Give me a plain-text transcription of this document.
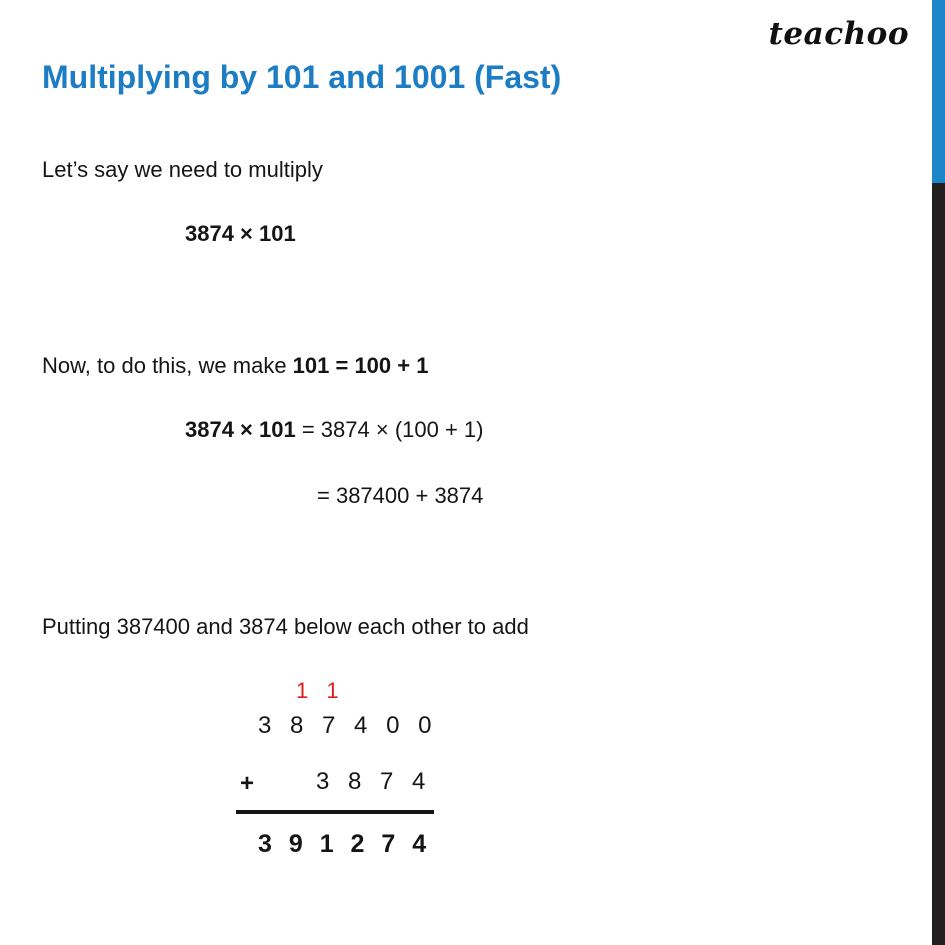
teachoo
Multiplying by 101 and 1001 (Fast)
Let’s say we need to multiply
3874 × 101
Now, to do this, we make 101 = 100 + 1
3874 × 101 = 3874 × (100 + 1)
= 387400 + 3874
Putting 387400 and 3874 below each other to add
1 1
3 8 7 4 0 0
+	3 8 7 4
3 9 1 2 7 4
